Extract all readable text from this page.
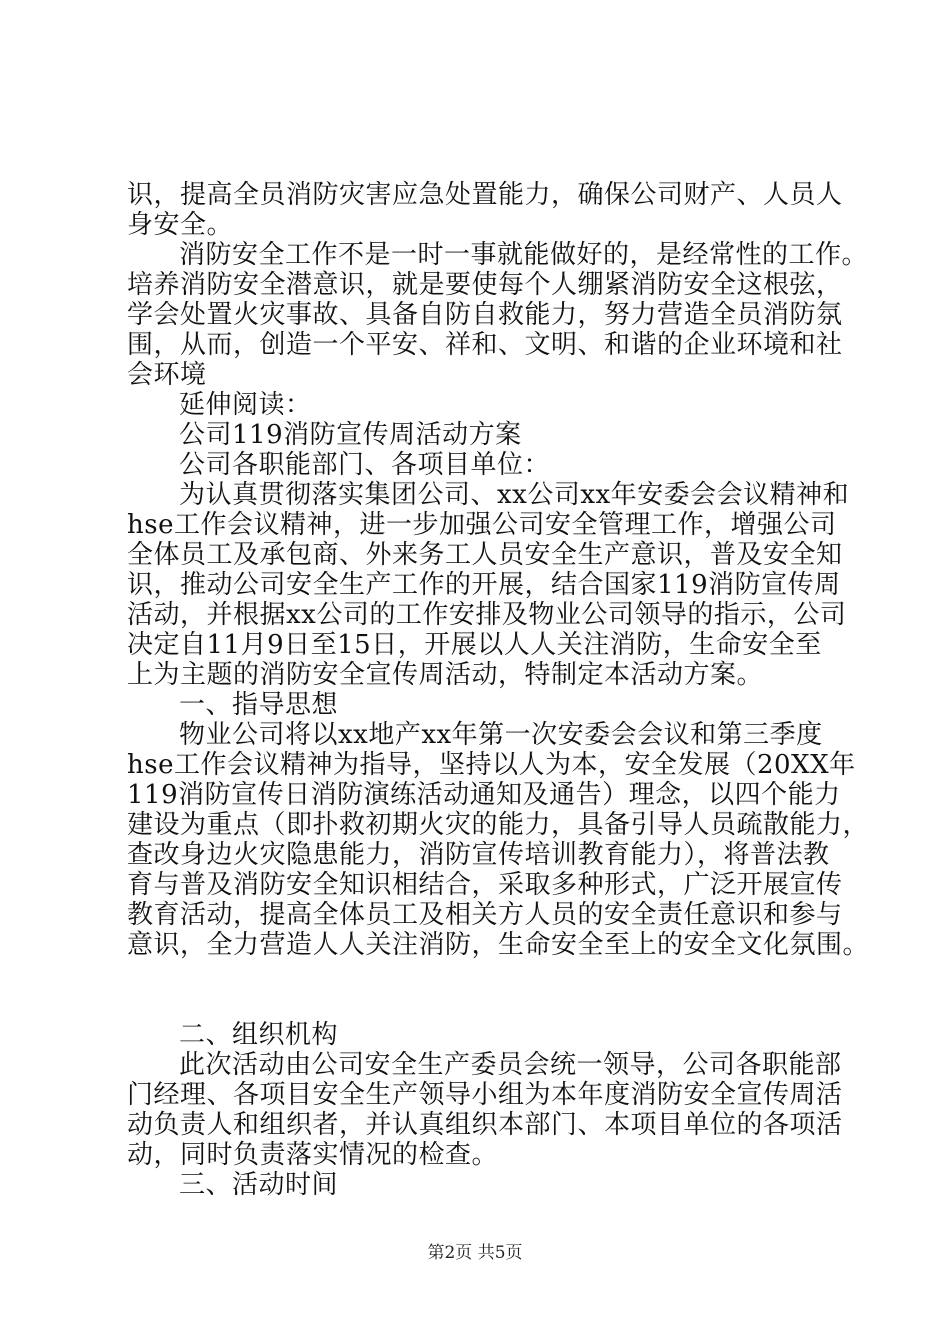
识，提高全员消防灾害应急处置能力，确保公司财产、人员人
身安全。
消防安全工作不是一时一事就能做好的，是经常性的工作。
培养消防安全潜意识，就是要使每个人绷紧消防安全这根弦，
学会处置火灾事故、具备自防自救能力，努力营造全员消防氛
围，从而，创造一个平安、祥和、文明、和谐的企业环境和社
会环境
延伸阅读：
公司119消防宣传周活动方案
公司各职能部门、各项目单位：
为认真贯彻落实集团公司、xx公司xx年安委会会议精神和
hse工作会议精神，进一步加强公司安全管理工作，增强公司
全体员工及承包商、外来务工人员安全生产意识，普及安全知
识，推动公司安全生产工作的开展，结合国家119消防宣传周
活动，并根据xx公司的工作安排及物业公司领导的指示，公司
决定自11月9日至15日，开展以人人关注消防，生命安全至
上为主题的消防安全宣传周活动，特制定本活动方案。
一、指导思想
物业公司将以xx地产xx年第一次安委会会议和第三季度
hse工作会议精神为指导，坚持以人为本，安全发展（20XX年
119消防宣传日消防演练活动通知及通告）理念，以四个能力
建设为重点（即扑救初期火灾的能力，具备引导人员疏散能力，
查改身边火灾隐患能力，消防宣传培训教育能力），将普法教
育与普及消防安全知识相结合，采取多种形式，广泛开展宣传
教育活动，提高全体员工及相关方人员的安全责任意识和参与
意识，全力营造人人关注消防，生命安全至上的安全文化氛围。
二、组织机构
此次活动由公司安全生产委员会统一领导，公司各职能部
门经理、各项目安全生产领导小组为本年度消防安全宣传周活
动负责人和组织者，并认真组织本部门、本项目单位的各项活
动，同时负责落实情况的检查。
三、活动时间
第2页 共5页
